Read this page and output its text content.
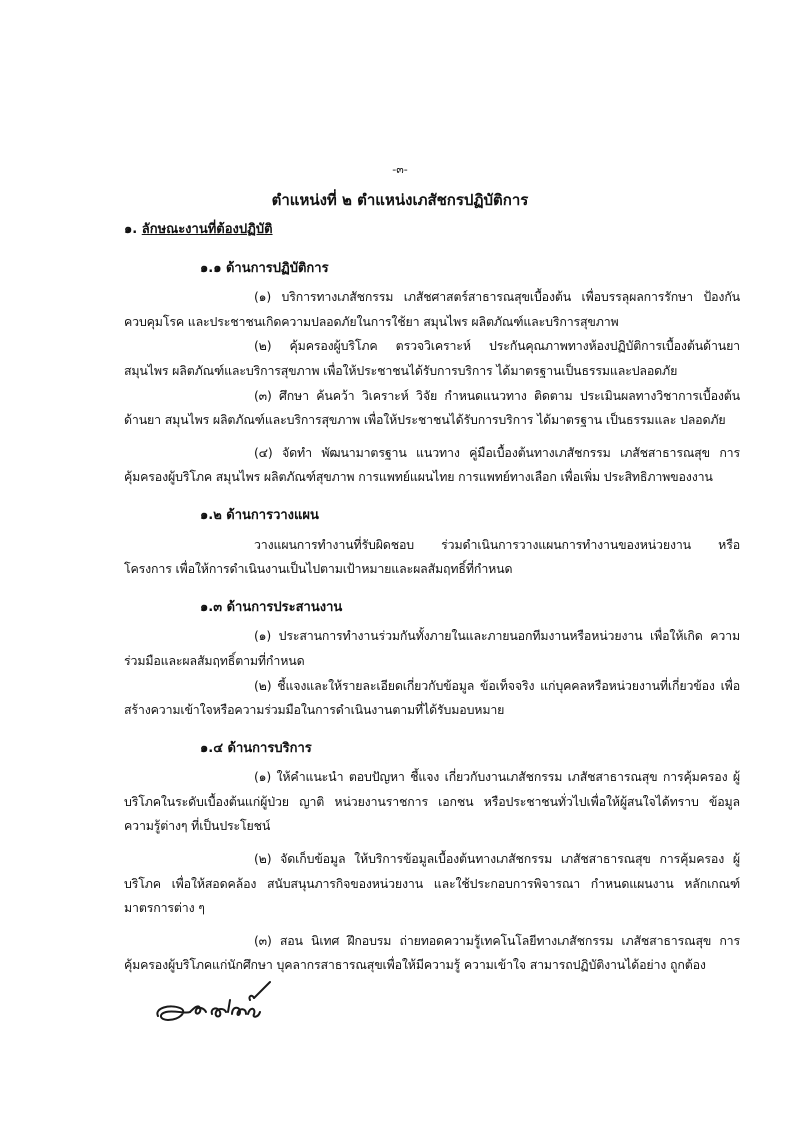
-๓-
ตำแหน่งที่ ๒ ตำแหน่งเภสัชกรปฏิบัติการ

๑. ลักษณะงานที่ต้องปฏิบัติ

๑.๑ ด้านการปฏิบัติการ

(๑) บริการทางเภสัชกรรม เภสัชศาสตร์สาธารณสุขเบื้องต้น เพื่อบรรลุผลการรักษา ป้องกัน ควบคุมโรค และประชาชนเกิดความปลอดภัยในการใช้ยา สมุนไพร ผลิตภัณฑ์และบริการสุขภาพ

(๒) คุ้มครองผู้บริโภค ตรวจวิเคราะห์ ประกันคุณภาพทางห้องปฏิบัติการเบื้องต้นด้านยา สมุนไพร ผลิตภัณฑ์และบริการสุขภาพ เพื่อให้ประชาชนได้รับการบริการ ได้มาตรฐานเป็นธรรมและปลอดภัย

(๓) ศึกษา ค้นคว้า วิเคราะห์ วิจัย กำหนดแนวทาง ติดตาม ประเมินผลทางวิชาการเบื้องต้น ด้านยา สมุนไพร ผลิตภัณฑ์และบริการสุขภาพ เพื่อให้ประชาชนได้รับการบริการ ได้มาตรฐาน เป็นธรรมและ ปลอดภัย

(๔) จัดทำ พัฒนามาตรฐาน แนวทาง คู่มือเบื้องต้นทางเภสัชกรรม เภสัชสาธารณสุข การ คุ้มครองผู้บริโภค สมุนไพร ผลิตภัณฑ์สุขภาพ การแพทย์แผนไทย การแพทย์ทางเลือก เพื่อเพิ่ม ประสิทธิภาพของงาน

๑.๒ ด้านการวางแผน

วางแผนการทำงานที่รับผิดชอบ ร่วมดำเนินการวางแผนการทำงานของหน่วยงาน หรือ โครงการ เพื่อให้การดำเนินงานเป็นไปตามเป้าหมายและผลสัมฤทธิ์ที่กำหนด

๑.๓ ด้านการประสานงาน

(๑) ประสานการทำงานร่วมกันทั้งภายในและภายนอกทีมงานหรือหน่วยงาน เพื่อให้เกิด ความร่วมมือและผลสัมฤทธิ์ตามที่กำหนด

(๒) ชี้แจงและให้รายละเอียดเกี่ยวกับข้อมูล ข้อเท็จจริง แก่บุคคลหรือหน่วยงานที่เกี่ยวข้อง เพื่อสร้างความเข้าใจหรือความร่วมมือในการดำเนินงานตามที่ได้รับมอบหมาย

๑.๔ ด้านการบริการ

(๑) ให้คำแนะนำ ตอบปัญหา ชี้แจง เกี่ยวกับงานเภสัชกรรม เภสัชสาธารณสุข การคุ้มครอง ผู้บริโภคในระดับเบื้องต้นแก่ผู้ป่วย ญาติ หน่วยงานราชการ เอกชน หรือประชาชนทั่วไปเพื่อให้ผู้สนใจได้ทราบ ข้อมูล ความรู้ต่างๆ ที่เป็นประโยชน์

(๒) จัดเก็บข้อมูล ให้บริการข้อมูลเบื้องต้นทางเภสัชกรรม เภสัชสาธารณสุข การคุ้มครอง ผู้บริโภค เพื่อให้สอดคล้อง สนับสนุนภารกิจของหน่วยงาน และใช้ประกอบการพิจารณา กำหนดแผนงาน หลักเกณฑ์ มาตรการต่าง ๆ

(๓) สอน นิเทศ ฝึกอบรม ถ่ายทอดความรู้เทคโนโลยีทางเภสัชกรรม เภสัชสาธารณสุข การคุ้มครองผู้บริโภคแก่นักศึกษา บุคลากรสาธารณสุขเพื่อให้มีความรู้ ความเข้าใจ สามารถปฏิบัติงานได้อย่าง ถูกต้อง
